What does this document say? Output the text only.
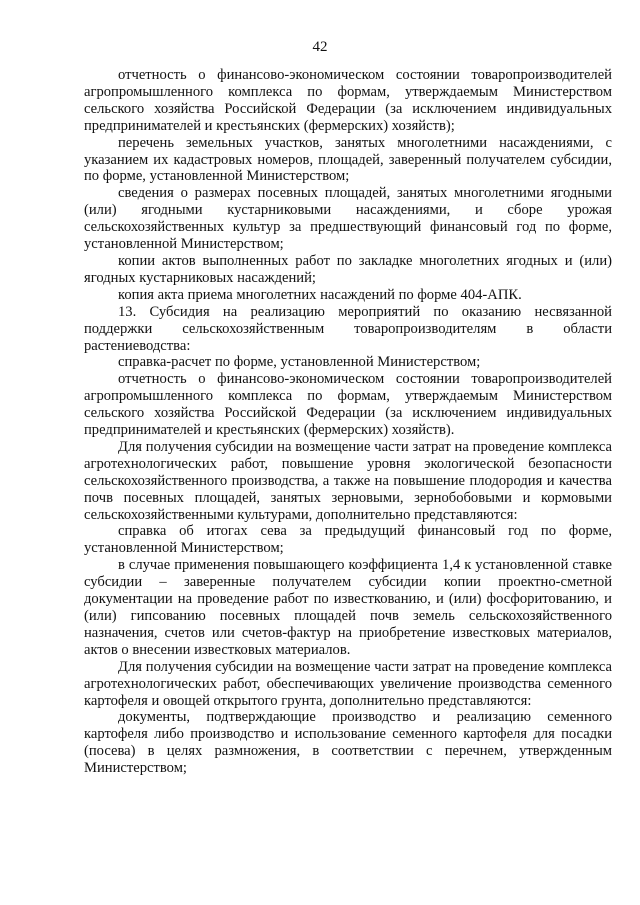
42

отчетность о финансово-экономическом состоянии товаропроизводителей агропромышленного комплекса по формам, утверждаемым Министерством сельского хозяйства Российской Федерации (за исключением индивидуальных предпринимателей и крестьянских (фермерских) хозяйств);

перечень земельных участков, занятых многолетними насаждениями, с указанием их кадастровых номеров, площадей, заверенный получателем субсидии, по форме, установленной Министерством;

сведения о размерах посевных площадей, занятых многолетними ягодными (или) ягодными кустарниковыми насаждениями, и сборе урожая сельскохозяйственных культур за предшествующий финансовый год по форме, установленной Министерством;

копии актов выполненных работ по закладке многолетних ягодных и (или) ягодных кустарниковых насаждений;

копия акта приема многолетних насаждений по форме 404-АПК.

13. Субсидия на реализацию мероприятий по оказанию несвязанной поддержки сельскохозяйственным товаропроизводителям в области растениеводства:

справка-расчет по форме, установленной Министерством;

отчетность о финансово-экономическом состоянии товаропроизводителей агропромышленного комплекса по формам, утверждаемым Министерством сельского хозяйства Российской Федерации (за исключением индивидуальных предпринимателей и крестьянских (фермерских) хозяйств).

Для получения субсидии на возмещение части затрат на проведение комплекса агротехнологических работ, повышение уровня экологической безопасности сельскохозяйственного производства, а также на повышение плодородия и качества почв посевных площадей, занятых зерновыми, зернобобовыми и кормовыми сельскохозяйственными культурами, дополнительно представляются:

справка об итогах сева за предыдущий финансовый год по форме, установленной Министерством;

в случае применения повышающего коэффициента 1,4 к установленной ставке субсидии – заверенные получателем субсидии копии проектно-сметной документации на проведение работ по известкованию, и (или) фосфоритованию, и (или) гипсованию посевных площадей почв земель сельскохозяйственного назначения, счетов или счетов-фактур на приобретение известковых материалов, актов о внесении известковых материалов.

Для получения субсидии на возмещение части затрат на проведение комплекса агротехнологических работ, обеспечивающих увеличение производства семенного картофеля и овощей открытого грунта, дополнительно представляются:

документы, подтверждающие производство и реализацию семенного картофеля либо производство и использование семенного картофеля для посадки (посева) в целях размножения, в соответствии с перечнем, утвержденным Министерством;
